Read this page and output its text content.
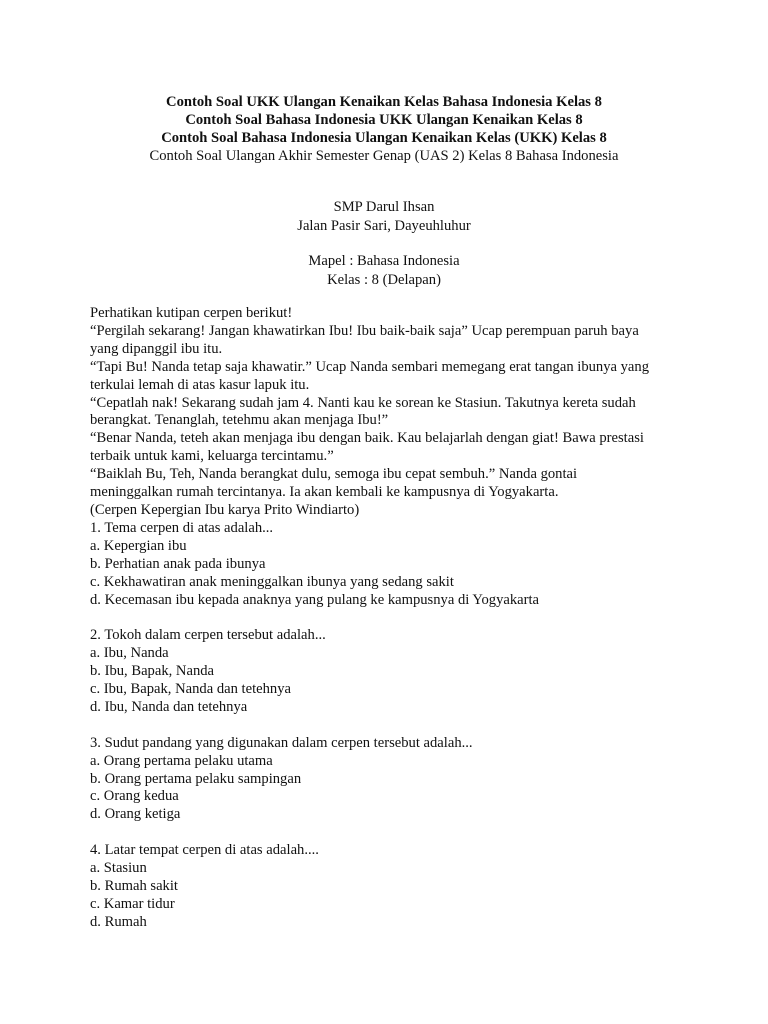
Contoh Soal UKK Ulangan Kenaikan Kelas Bahasa Indonesia Kelas 8
Contoh Soal Bahasa Indonesia UKK Ulangan Kenaikan Kelas 8
Contoh Soal Bahasa Indonesia Ulangan Kenaikan Kelas (UKK) Kelas 8
Contoh Soal Ulangan Akhir Semester Genap (UAS 2) Kelas 8 Bahasa Indonesia
SMP Darul Ihsan
Jalan Pasir Sari, Dayeuhluhur
Mapel : Bahasa Indonesia
Kelas : 8 (Delapan)
Perhatikan kutipan cerpen berikut!
“Pergilah sekarang! Jangan khawatirkan Ibu! Ibu baik-baik saja” Ucap perempuan paruh baya
yang dipanggil ibu itu.
“Tapi Bu! Nanda tetap saja khawatir.” Ucap Nanda sembari memegang erat tangan ibunya yang
terkulai lemah di atas kasur lapuk itu.
“Cepatlah nak! Sekarang sudah jam 4. Nanti kau ke sorean ke Stasiun. Takutnya kereta sudah
berangkat. Tenanglah, tetehmu akan menjaga Ibu!”
“Benar Nanda, teteh akan menjaga ibu dengan baik. Kau belajarlah dengan giat! Bawa prestasi
terbaik untuk kami, keluarga tercintamu.”
“Baiklah Bu, Teh, Nanda berangkat dulu, semoga ibu cepat sembuh.” Nanda gontai
meninggalkan rumah tercintanya. Ia akan kembali ke kampusnya di Yogyakarta.
(Cerpen Kepergian Ibu karya Prito Windiarto)
1. Tema cerpen di atas adalah...
a. Kepergian ibu
b. Perhatian anak pada ibunya
c. Kekhawatiran anak meninggalkan ibunya yang sedang sakit
d. Kecemasan ibu kepada anaknya yang pulang ke kampusnya di Yogyakarta
2. Tokoh dalam cerpen tersebut adalah...
a. Ibu, Nanda
b. Ibu, Bapak, Nanda
c. Ibu, Bapak, Nanda dan tetehnya
d. Ibu, Nanda dan tetehnya
3. Sudut pandang yang digunakan dalam cerpen tersebut adalah...
a. Orang pertama pelaku utama
b. Orang pertama pelaku sampingan
c. Orang kedua
d. Orang ketiga
4. Latar tempat cerpen di atas adalah....
a. Stasiun
b. Rumah sakit
c. Kamar tidur
d. Rumah
